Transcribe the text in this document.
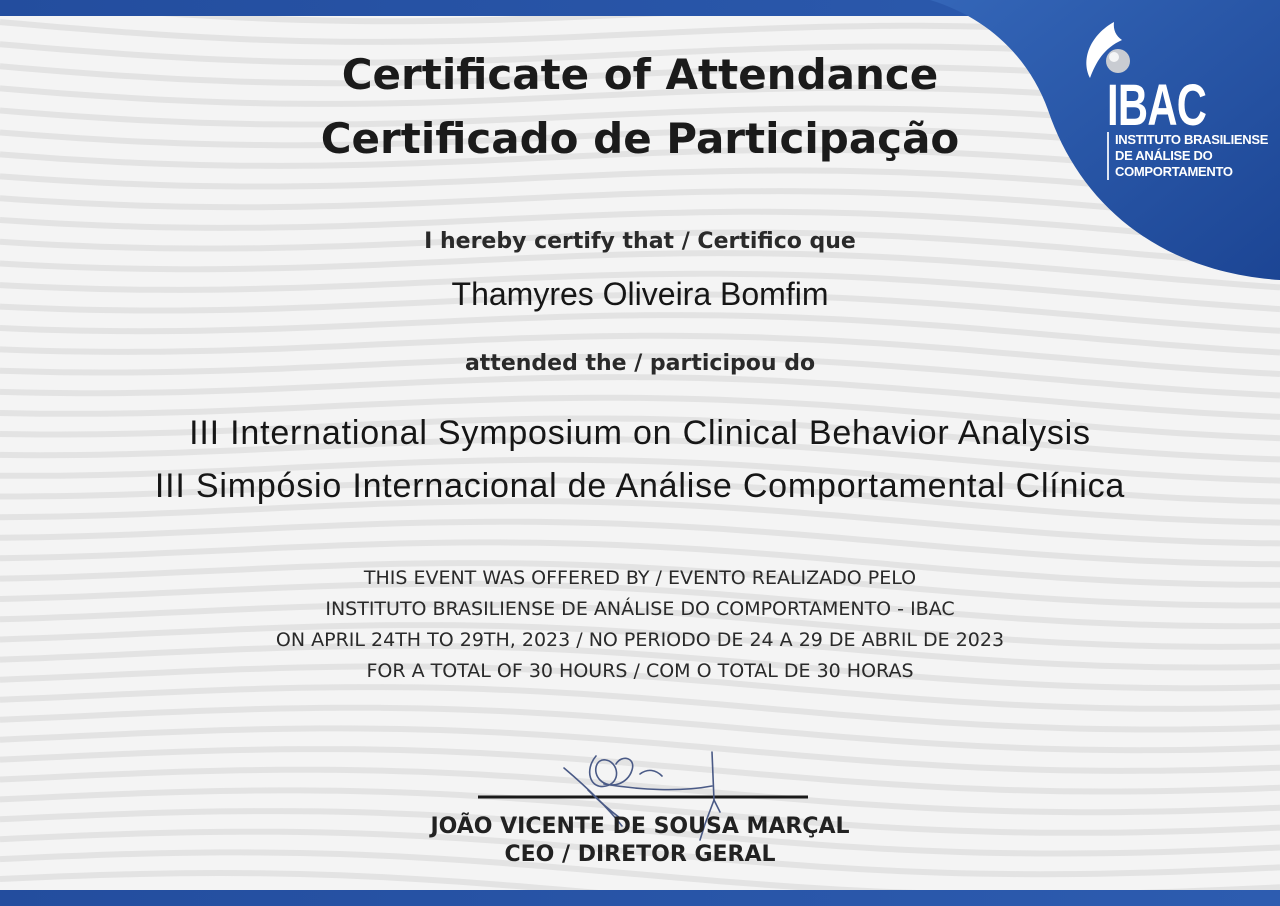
IBAC
INSTITUTO BRASILIENSE
DE ANÁLISE DO
COMPORTAMENTO
Certificate of Attendance
Certificado de Participação
I hereby certify that / Certifico que
Thamyres Oliveira Bomfim
attended the / participou do
III International Symposium on Clinical Behavior Analysis
III Simpósio Internacional de Análise Comportamental Clínica
THIS EVENT WAS OFFERED BY / EVENTO REALIZADO PELO
INSTITUTO BRASILIENSE DE ANÁLISE DO COMPORTAMENTO - IBAC
ON APRIL 24TH TO 29TH, 2023 / NO PERIODO DE 24 A 29 DE ABRIL DE 2023
FOR A TOTAL OF 30 HOURS / COM O TOTAL DE 30 HORAS
JOÃO VICENTE DE SOUSA MARÇAL
CEO / DIRETOR GERAL
